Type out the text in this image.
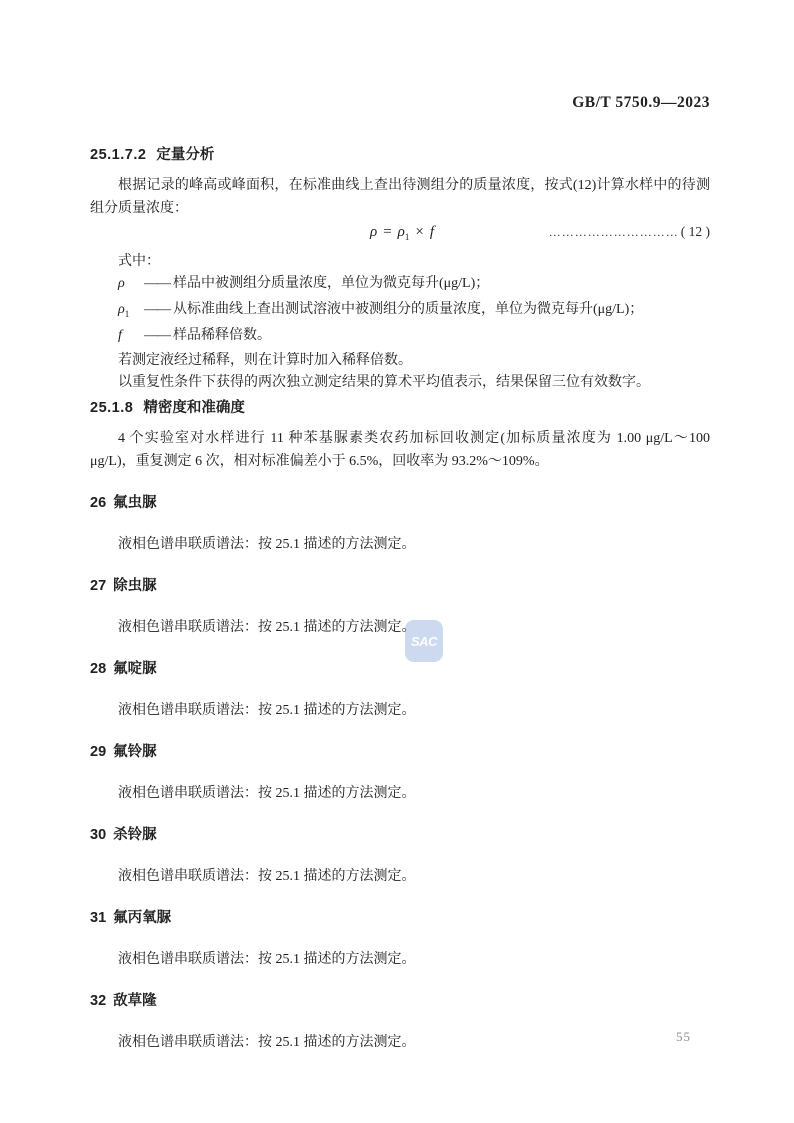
SAC
GB/T 5750.9—2023
25.1.7.2 定量分析

根据记录的峰高或峰面积，在标准曲线上查出待测组分的质量浓度，按式(12)计算水样中的待测组分质量浓度：

$\rho = \rho_1 \times f$	………………………… ( 12 )
式中：
ρ	—— 样品中被测组分质量浓度，单位为微克每升(μg/L)；
$\rho_1$	—— 从标准曲线上查出测试溶液中被测组分的质量浓度，单位为微克每升(μg/L)；
f	—— 样品稀释倍数。

若测定液经过稀释，则在计算时加入稀释倍数。

以重复性条件下获得的两次独立测定结果的算术平均值表示，结果保留三位有效数字。

25.1.8 精密度和准确度

4 个实验室对水样进行 11 种苯基脲素类农药加标回收测定(加标质量浓度为 1.00 μg/L～100 μg/L)，重复测定 6 次，相对标准偏差小于 6.5%，回收率为 93.2%～109%。

26 氟虫脲

液相色谱串联质谱法：按 25.1 描述的方法测定。

27 除虫脲

液相色谱串联质谱法：按 25.1 描述的方法测定。

28 氟啶脲

液相色谱串联质谱法：按 25.1 描述的方法测定。

29 氟铃脲

液相色谱串联质谱法：按 25.1 描述的方法测定。

30 杀铃脲

液相色谱串联质谱法：按 25.1 描述的方法测定。

31 氟丙氧脲

液相色谱串联质谱法：按 25.1 描述的方法测定。

32 敌草隆

液相色谱串联质谱法：按 25.1 描述的方法测定。	55
